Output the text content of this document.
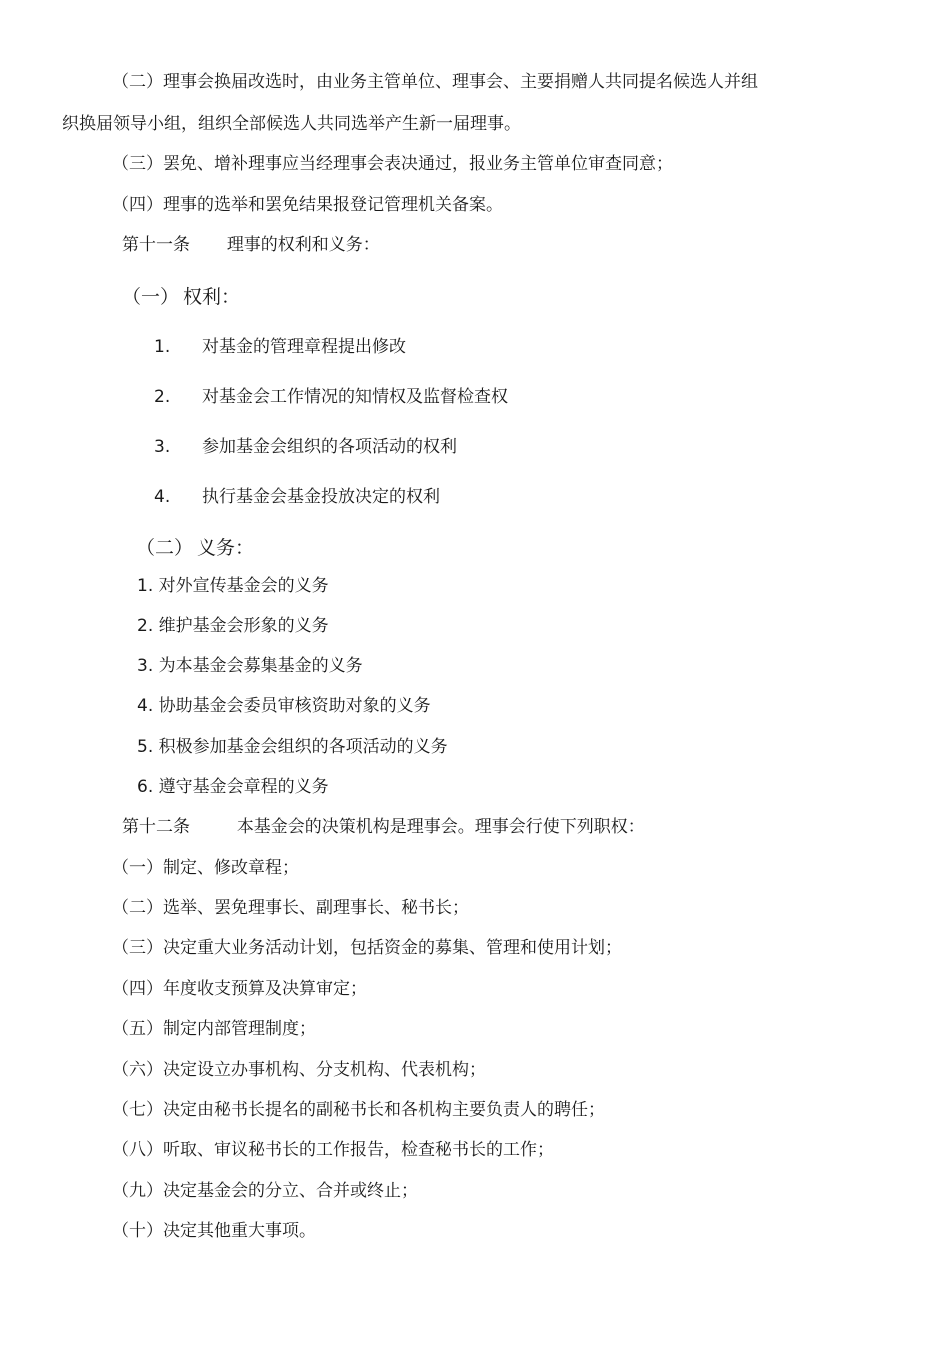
（二）理事会换届改选时，由业务主管单位、理事会、主要捐赠人共同提名候选人并组
织换届领导小组，组织全部候选人共同选举产生新一届理事。
（三）罢免、增补理事应当经理事会表决通过，报业务主管单位审查同意；
（四）理事的选举和罢免结果报登记管理机关备案。
第十一条 理事的权利和义务：
（一） 权利：
1. 对基金的管理章程提出修改
2. 对基金会工作情况的知情权及监督检查权
3. 参加基金会组织的各项活动的权利
4. 执行基金会基金投放决定的权利
（二） 义务：
1. 对外宣传基金会的义务
2. 维护基金会形象的义务
3. 为本基金会募集基金的义务
4. 协助基金会委员审核资助对象的义务
5. 积极参加基金会组织的各项活动的义务
6. 遵守基金会章程的义务
第十二条	本基金会的决策机构是理事会。理事会行使下列职权：
（一）制定、修改章程；
（二）选举、罢免理事长、副理事长、秘书长；
（三）决定重大业务活动计划，包括资金的募集、管理和使用计划；
（四）年度收支预算及决算审定；
（五）制定内部管理制度；
（六）决定设立办事机构、分支机构、代表机构；
（七）决定由秘书长提名的副秘书长和各机构主要负责人的聘任；
（八）听取、审议秘书长的工作报告，检查秘书长的工作；
（九）决定基金会的分立、合并或终止；
（十）决定其他重大事项。
